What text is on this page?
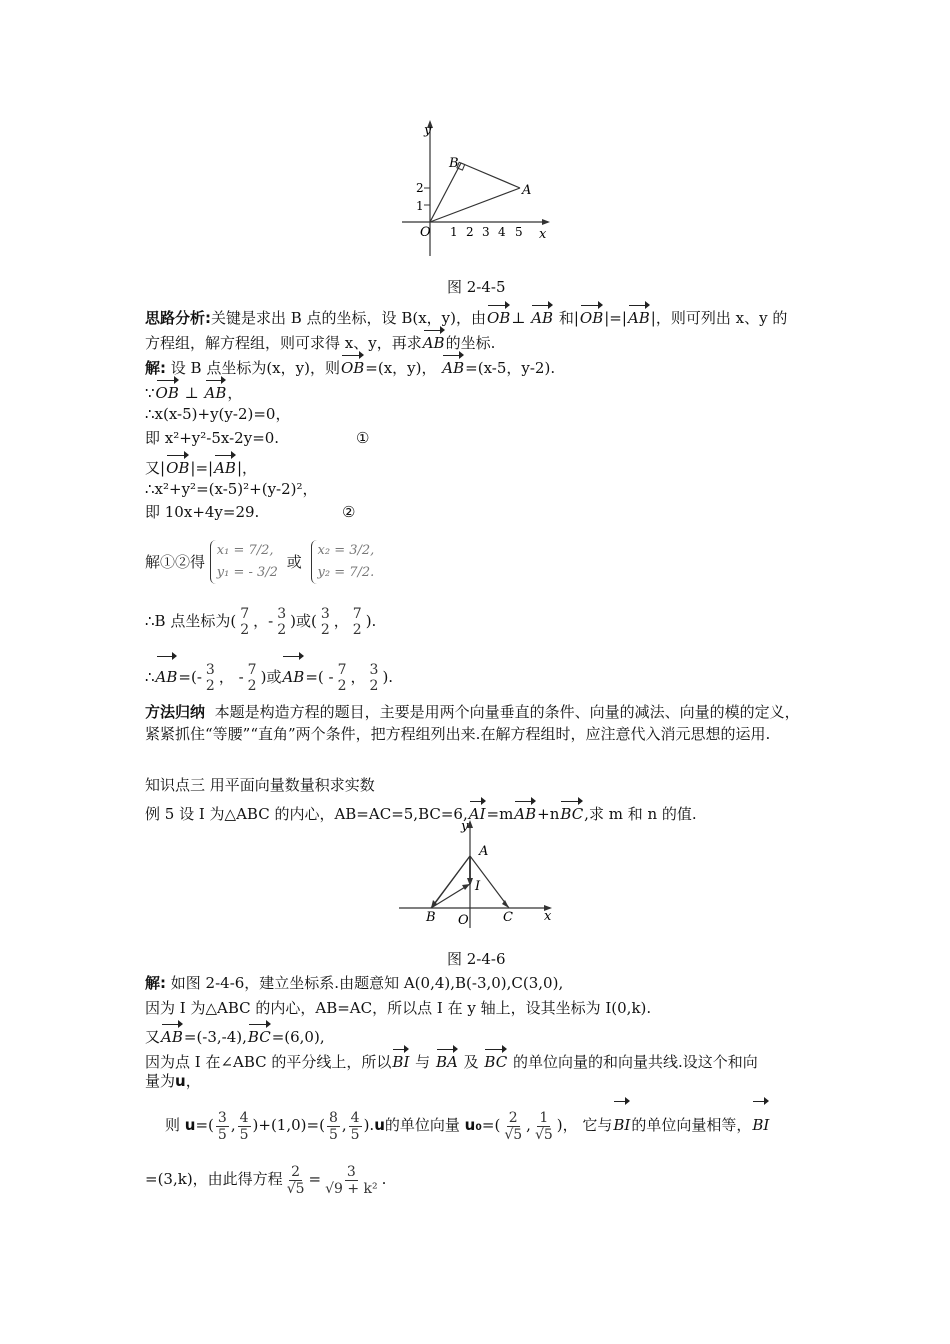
y
x
O
B
A
2
1
1 2 3 4 5
图 2-4-5
思路分析:关键是求出 B 点的坐标，设 B(x，y)，由OB⊥ AB 和|OB|=|AB|，则可列出 x、y 的
方程组，解方程组，则可求得 x、y，再求AB的坐标.
解: 设 B 点坐标为(x，y)，则OB=(x，y)， AB=(x-5，y-2).
∵OB ⊥ AB，
∴x(x-5)+y(y-2)=0，
即 x²+y²-5x-2y=0.	①
又|OB|=|AB|，
∴x²+y²=(x-5)²+(y-2)²，
即 10x+4y=29.	②
解①②得 x₁ = 7/2,
y₁ = - 3/2 或 x₂ = 3/2,
y₂ = 7/2.
∴B 点坐标为( 7
2 ，- 3
2 )或( 3
2 ， 7
2 ).
∴AB=(- 3
2 ， - 7
2 )或AB=( - 7
2 ， 3
2 ).
方法归纳 本题是构造方程的题目，主要是用两个向量垂直的条件、向量的减法、向量的模的定义，紧紧抓住“等腰”“直角”两个条件，把方程组列出来.在解方程组时，应注意代入消元思想的运用.
知识点三 用平面向量数量积求实数
例 5 设 I 为△ABC 的内心，AB=AC=5,BC=6,AI=mAB+nBC,求 m 和 n 的值.
y
x
O
A
B	C
I
图 2-4-6
解: 如图 2-4-6，建立坐标系.由题意知 A(0,4),B(-3,0),C(3,0),
因为 I 为△ABC 的内心，AB=AC，所以点 I 在 y 轴上，设其坐标为 I(0,k).
又AB=(-3,-4),BC=(6,0),
因为点 I 在∠ABC 的平分线上，所以BI 与 BA 及 BC 的单位向量的和向量共线.设这个和向
量为u，
则 $u=( \frac{3}{5}$ , $\frac{4}{5} )+(1,0)=( \frac{8}{5}$ , $\frac{4}{5} ).u$的单位向量 $u_0=( \frac{2}{√5}$ , $\frac{1}{√5}$ )， 它与BI的单位向量相等，BI
=(3,k)，由此得方程 $\frac{2}{√5} = \frac{3}{\text{√9 + k²}}$ .
